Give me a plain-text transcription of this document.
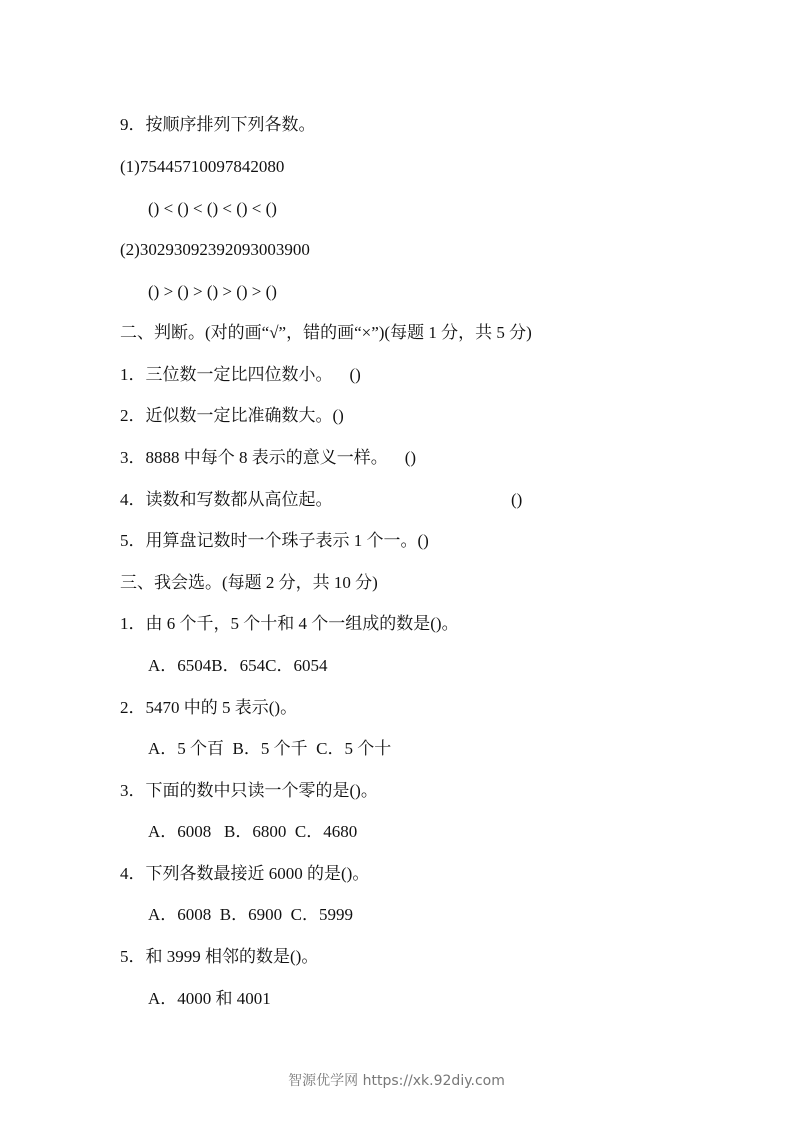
9．按顺序排列下列各数。
(1)75445710097842080
() < () < () < () < ()
(2)30293092392093003900
() > () > () > () > ()
二、判断。(对的画“√”，错的画“×”)(每题 1 分，共 5 分)
1．三位数一定比四位数小。    ()
2．近似数一定比准确数大。()
3．8888 中每个 8 表示的意义一样。    ()
4．读数和写数都从高位起。	()
5．用算盘记数时一个珠子表示 1 个一。()
三、我会选。(每题 2 分，共 10 分)
1．由 6 个千，5 个十和 4 个一组成的数是()。
A．6504B．654C．6054
2．5470 中的 5 表示()。
A．5 个百  B．5 个千  C．5 个十
3．下面的数中只读一个零的是()。
A．6008   B．6800  C．4680
4．下列各数最接近 6000 的是()。
A．6008  B．6900  C．5999
5．和 3999 相邻的数是()。
A．4000 和 4001
智源优学网 https://xk.92diy.com
